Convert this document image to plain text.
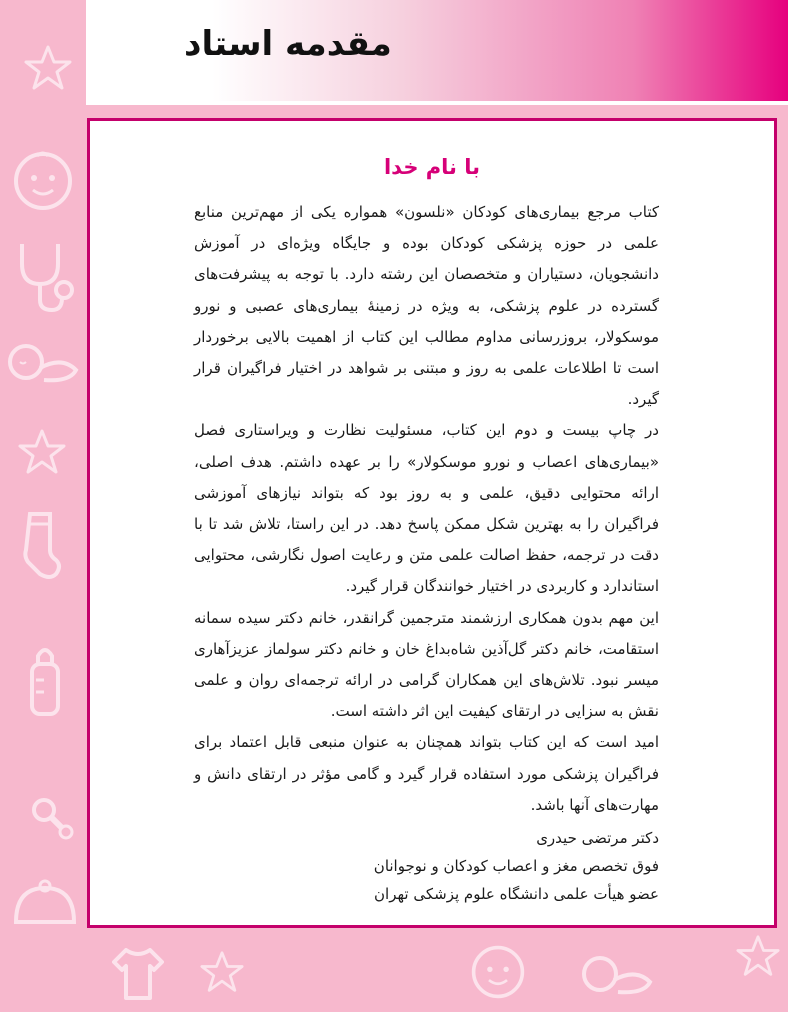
مقدمه استاد
با نام خدا

کتاب مرجع بیماری‌های کودکان «نلسون» همواره یکی از مهم‌ترین منابع علمی در حوزه پزشکی کودکان بوده و جایگاه ویژه‌ای در آموزش دانشجویان، دستیاران و متخصصان این رشته دارد. با توجه به پیشرفت‌های گسترده در علوم پزشکی، به ویژه در زمینهٔ بیماری‌های عصبی و نورو موسکولار، بروزرسانی مداوم مطالب این کتاب از اهمیت بالایی برخوردار است تا اطلاعات علمی به روز و مبتنی بر شواهد در اختیار فراگیران قرار گیرد.

در چاپ بیست و دوم این کتاب، مسئولیت نظارت و ویراستاری فصل «بیماری‌های اعصاب و نورو موسکولار» را بر عهده داشتم. هدف اصلی، ارائه محتوایی دقیق، علمی و به روز بود که بتواند نیازهای آموزشی فراگیران را به بهترین شکل ممکن پاسخ دهد. در این راستا، تلاش شد تا با دقت در ترجمه، حفظ اصالت علمی متن و رعایت اصول نگارشی، محتوایی استاندارد و کاربردی در اختیار خوانندگان قرار گیرد.

این مهم بدون همکاری ارزشمند مترجمین گرانقدر، خانم دکتر سیده سمانه استقامت، خانم دکتر گل‌آذین شاه‌بداغ خان و خانم دکتر سولماز عزیزآهاری میسر نبود. تلاش‌های این همکاران گرامی در ارائه ترجمه‌ای روان و علمی نقش به سزایی در ارتقای کیفیت این اثر داشته است.

امید است که این کتاب بتواند همچنان به عنوان منبعی قابل اعتماد برای فراگیران پزشکی مورد استفاده قرار گیرد و گامی مؤثر در ارتقای دانش و مهارت‌های آنها باشد.

دکتر مرتضی حیدری
فوق تخصص مغز و اعصاب کودکان و نوجوانان
عضو هیأت علمی دانشگاه علوم پزشکی تهران
